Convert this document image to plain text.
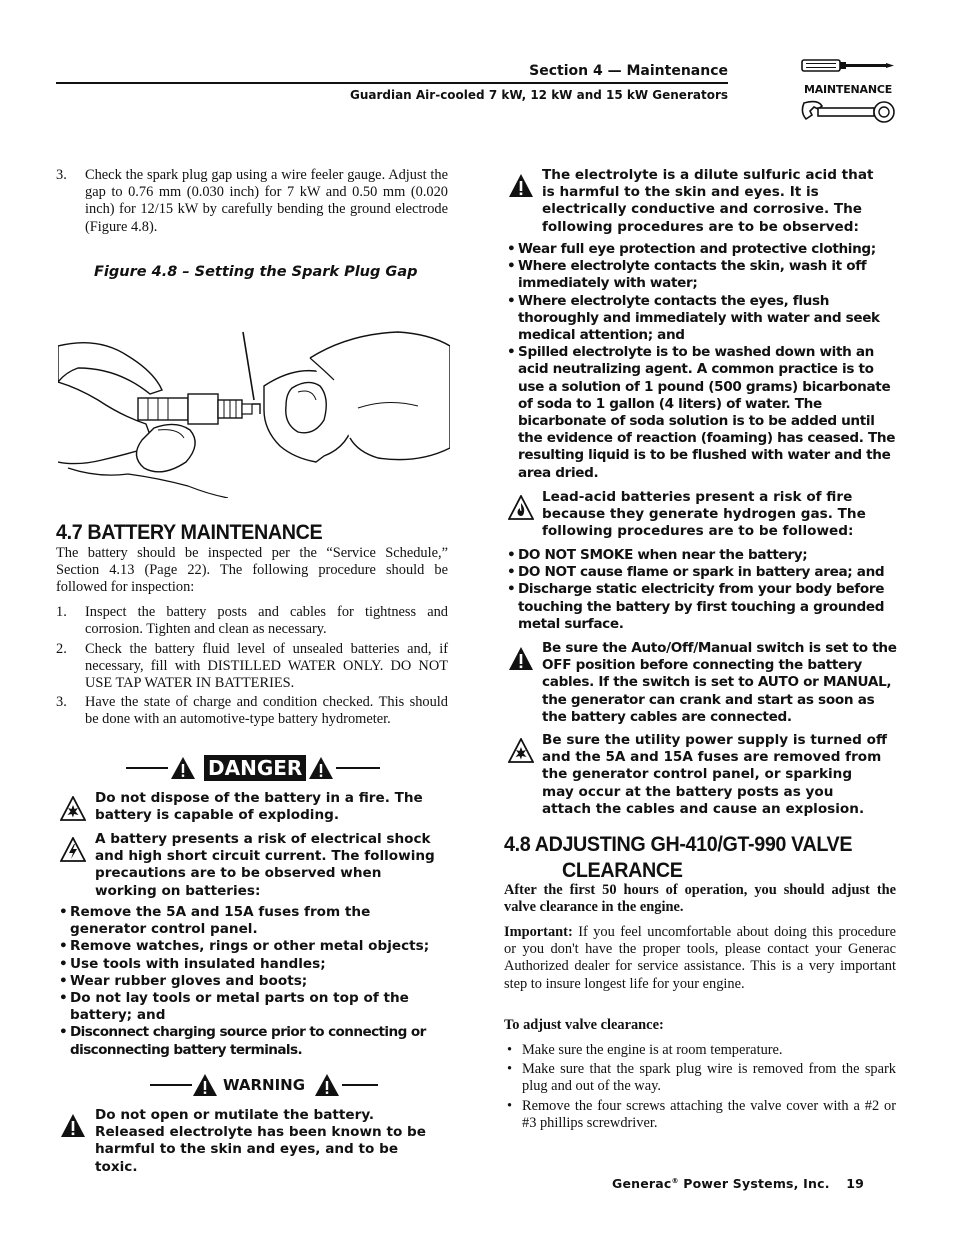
Section 4 — Maintenance
Guardian Air-cooled 7 kW, 12 kW and 15 kW Generators	MAINTENANCE
3. Check the spark plug gap using a wire feeler gauge. Adjust the gap to 0.76 mm (0.030 inch) for 7 kW and 0.50 mm (0.020 inch) for 12/15 kW by carefully bending the ground electrode (Figure 4.8).
Figure 4.8 – Setting the Spark Plug Gap
4.7 BATTERY MAINTENANCE
The battery should be inspected per the “Service Schedule,” Section 4.13 (Page 22). The following procedure should be followed for inspection:
1. Inspect the battery posts and cables for tightness and corrosion. Tighten and clean as necessary.
2. Check the battery fluid level of unsealed batteries and, if necessary, fill with DISTILLED WATER ONLY. DO NOT USE TAP WATER IN BATTERIES.
3. Have the state of charge and condition checked. This should be done with an automotive-type battery hydrometer.
DANGER
Do not dispose of the battery in a fire. The battery is capable of exploding.
A battery presents a risk of electrical shock and high short circuit current. The following precautions are to be observed when working on batteries:
• Remove the 5A and 15A fuses from the generator control panel.
• Remove watches, rings or other metal objects;
• Use tools with insulated handles;
• Wear rubber gloves and boots;
• Do not lay tools or metal parts on top of the battery; and
• Disconnect charging source prior to connecting or disconnecting battery terminals.
WARNING
Do not open or mutilate the battery. Released electrolyte has been known to be harmful to the skin and eyes, and to be toxic.
The electrolyte is a dilute sulfuric acid that is harmful to the skin and eyes. It is electrically conductive and corrosive. The following procedures are to be observed:
• Wear full eye protection and protective clothing;
• Where electrolyte contacts the skin, wash it off immediately with water;
• Where electrolyte contacts the eyes, flush thoroughly and immediately with water and seek medical attention; and
• Spilled electrolyte is to be washed down with an acid neutralizing agent. A common practice is to use a solution of 1 pound (500 grams) bicarbonate of soda to 1 gallon (4 liters) of water. The bicarbonate of soda solution is to be added until the evidence of reaction (foaming) has ceased. The resulting liquid is to be flushed with water and the area dried.
Lead-acid batteries present a risk of fire because they generate hydrogen gas. The following procedures are to be followed:
• DO NOT SMOKE when near the battery;
• DO NOT cause flame or spark in battery area; and
• Discharge static electricity from your body before touching the battery by first touching a grounded metal surface.
Be sure the Auto/Off/Manual switch is set to the OFF position before connecting the battery cables. If the switch is set to AUTO or MANUAL, the generator can crank and start as soon as the battery cables are connected.
Be sure the utility power supply is turned off and the 5A and 15A fuses are removed from the generator control panel, or sparking may occur at the battery posts as you attach the cables and cause an explosion.
4.8 ADJUSTING GH-410/GT-990 VALVE
CLEARANCE
After the first 50 hours of operation, you should adjust the valve clearance in the engine.
Important: If you feel uncomfortable about doing this procedure or you don't have the proper tools, please contact your Generac Authorized dealer for service assistance. This is a very important step to insure longest life for your engine.
To adjust valve clearance:
• Make sure the engine is at room temperature.
• Make sure that the spark plug wire is removed from the spark plug and out of the way.
• Remove the four screws attaching the valve cover with a #2 or #3 phillips screwdriver.
Generac® Power Systems, Inc. 19
